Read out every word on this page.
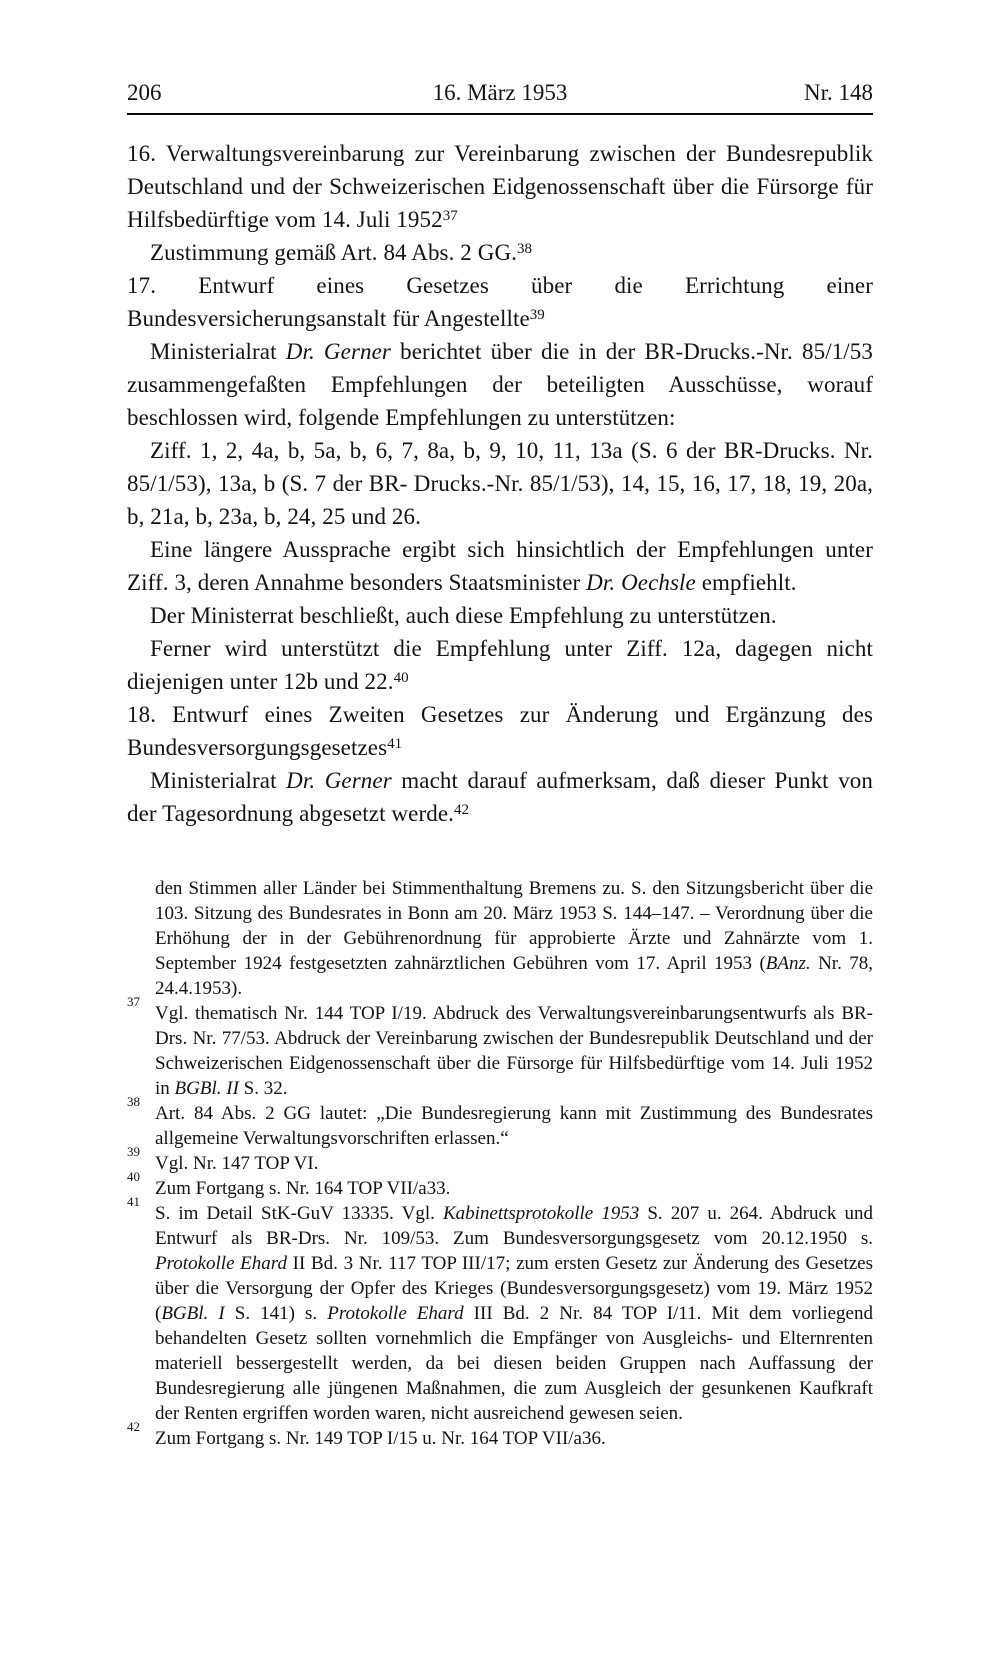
206	16. März 1953	Nr. 148

16. Verwaltungsvereinbarung zur Vereinbarung zwischen der Bundesrepublik Deutschland und der Schweizerischen Eidgenossenschaft über die Fürsorge für Hilfsbedürftige vom 14. Juli 1952$^{37}$

Zustimmung gemäß Art. 84 Abs. 2 GG.$^{38}$

17. Entwurf eines Gesetzes über die Errichtung einer Bundesversicherungsanstalt für Angestellte$^{39}$

Ministerialrat Dr. Gerner berichtet über die in der BR-Drucks.-Nr. 85/1/53 zusammengefaßten Empfehlungen der beteiligten Ausschüsse, worauf beschlossen wird, folgende Empfehlungen zu unterstützen:

Ziff. 1, 2, 4a, b, 5a, b, 6, 7, 8a, b, 9, 10, 11, 13a (S. 6 der BR-Drucks. Nr. 85/1/53), 13a, b (S. 7 der BR- Drucks.-Nr. 85/1/53), 14, 15, 16, 17, 18, 19, 20a, b, 21a, b, 23a, b, 24, 25 und 26.

Eine längere Aussprache ergibt sich hinsichtlich der Empfehlungen unter Ziff. 3, deren Annahme besonders Staatsminister Dr. Oechsle empfiehlt.

Der Ministerrat beschließt, auch diese Empfehlung zu unterstützen.

Ferner wird unterstützt die Empfehlung unter Ziff. 12a, dagegen nicht diejenigen unter 12b und 22.40

18. Entwurf eines Zweiten Gesetzes zur Änderung und Ergänzung des Bundesversorgungsgesetzes$^{41}$

Ministerialrat Dr. Gerner macht darauf aufmerksam, daß dieser Punkt von der Tagesordnung abgesetzt werde.$^{42}$

den Stimmen aller Länder bei Stimmenthaltung Bremens zu. S. den Sitzungsbericht über die 103. Sitzung des Bundesrates in Bonn am 20. März 1953 S. 144–147. – Verordnung über die Erhöhung der in der Gebührenordnung für approbierte Ärzte und Zahnärzte vom 1. September 1924 festgesetzten zahnärztlichen Gebühren vom 17. April 1953 (BAnz. Nr. 78, 24.4.1953).
37
Vgl. thematisch Nr. 144 TOP I/19. Abdruck des Verwaltungsvereinbarungsentwurfs als BR-Drs. Nr. 77/53. Abdruck der Vereinbarung zwischen der Bundesrepublik Deutschland und der Schweizerischen Eidgenossenschaft über die Fürsorge für Hilfsbedürftige vom 14. Juli 1952 in BGBl. II S. 32.
38
Art. 84 Abs. 2 GG lautet: „Die Bundesregierung kann mit Zustimmung des Bundesrates allgemeine Verwaltungsvorschriften erlassen.“
39
Vgl. Nr. 147 TOP VI.
40
Zum Fortgang s. Nr. 164 TOP VII/a33.
41
S. im Detail StK-GuV 13335. Vgl. Kabinettsprotokolle 1953 S. 207 u. 264. Abdruck und Entwurf als BR-Drs. Nr. 109/53. Zum Bundesversorgungsgesetz vom 20.12.1950 s. Protokolle Ehard II Bd. 3 Nr. 117 TOP III/17; zum ersten Gesetz zur Änderung des Gesetzes über die Versorgung der Opfer des Krieges (Bundesversorgungsgesetz) vom 19. März 1952 (BGBl. I S. 141) s. Protokolle Ehard III Bd. 2 Nr. 84 TOP I/11. Mit dem vorliegend behandelten Gesetz sollten vornehmlich die Empfänger von Ausgleichs- und Elternrenten materiell bessergestellt werden, da bei diesen beiden Gruppen nach Auffassung der Bundesregierung alle jüngenen Maßnahmen, die zum Ausgleich der gesunkenen Kaufkraft der Renten ergriffen worden waren, nicht ausreichend gewesen seien.
42
Zum Fortgang s. Nr. 149 TOP I/15 u. Nr. 164 TOP VII/a36.
